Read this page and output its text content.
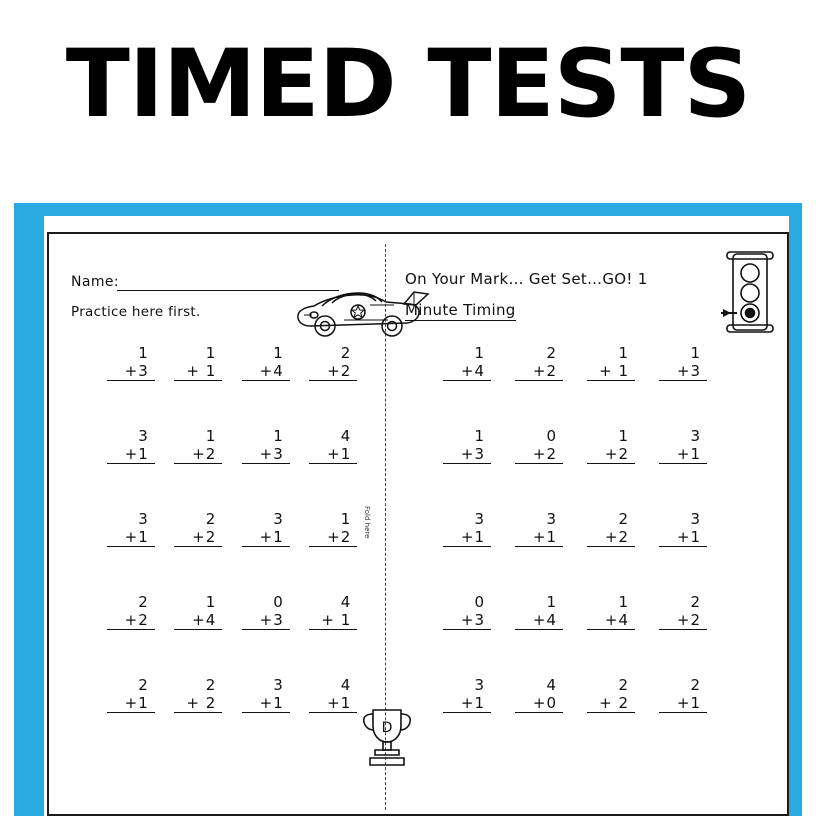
TIMED TESTS
Name:
Practice here first.
On Your Mark… Get Set…GO! 1
Minute Timing
Fold here
D
1
+3
1
+ 1
1
+4
2
+2
3
+1
1
+2
1
+3
4
+1
3
+1
2
+2
3
+1
1
+2
2
+2
1
+4
0
+3
4
+ 1
2
+1
2
+ 2
3
+1
4
+1
1
+4
2
+2
1
+ 1
1
+3
1
+3
0
+2
1
+2
3
+1
3
+1
3
+1
2
+2
3
+1
0
+3
1
+4
1
+4
2
+2
3
+1
4
+0
2
+ 2
2
+1
